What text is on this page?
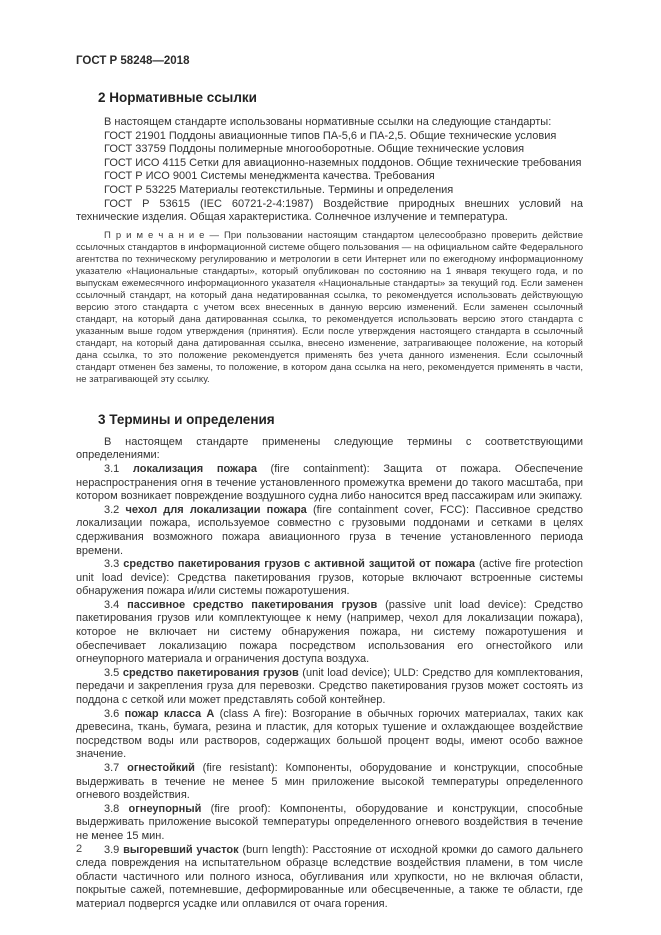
ГОСТ Р 58248—2018

2 Нормативные ссылки

В настоящем стандарте использованы нормативные ссылки на следующие стандарты:

ГОСТ 21901 Поддоны авиационные типов ПА-5,6 и ПА-2,5. Общие технические условия

ГОСТ 33759 Поддоны полимерные многооборотные. Общие технические условия

ГОСТ ИСО 4115 Сетки для авиационно-наземных поддонов. Общие технические требования

ГОСТ Р ИСО 9001 Системы менеджмента качества. Требования

ГОСТ Р 53225 Материалы геотекстильные. Термины и определения

ГОСТ Р 53615 (IEC 60721-2-4:1987) Воздействие природных внешних условий на технические изделия. Общая характеристика. Солнечное излучение и температура.

П р и м е ч а н и е — При пользовании настоящим стандартом целесообразно проверить действие ссылочных стандартов в информационной системе общего пользования — на официальном сайте Федерального агентства по техническому регулированию и метрологии в сети Интернет или по ежегодному информационному указателю «Национальные стандарты», который опубликован по состоянию на 1 января текущего года, и по выпускам ежемесячного информационного указателя «Национальные стандарты» за текущий год. Если заменен ссылочный стандарт, на который дана недатированная ссылка, то рекомендуется использовать действующую версию этого стандарта с учетом всех внесенных в данную версию изменений. Если заменен ссылочный стандарт, на который дана датированная ссылка, то рекомендуется использовать версию этого стандарта с указанным выше годом утверждения (принятия). Если после утверждения настоящего стандарта в ссылочный стандарт, на который дана датированная ссылка, внесено изменение, затрагивающее положение, на который дана ссылка, то это положение рекомендуется применять без учета данного изменения. Если ссылочный стандарт отменен без замены, то положение, в котором дана ссылка на него, рекомендуется применять в части, не затрагивающей эту ссылку.

3 Термины и определения

В настоящем стандарте применены следующие термины с соответствующими определениями:

3.1 локализация пожара (fire containment): Защита от пожара. Обеспечение нераспространения огня в течение установленного промежутка времени до такого масштаба, при котором возникает повреждение воздушного судна либо наносится вред пассажирам или экипажу.

3.2 чехол для локализации пожара (fire containment cover, FCC): Пассивное средство локализации пожара, используемое совместно с грузовыми поддонами и сетками в целях сдерживания возможного пожара авиационного груза в течение установленного периода времени.

3.3 средство пакетирования грузов с активной защитой от пожара (active fire protection unit load device): Средства пакетирования грузов, которые включают встроенные системы обнаружения пожара и/или системы пожаротушения.

3.4 пассивное средство пакетирования грузов (passive unit load device): Средство пакетирования грузов или комплектующее к нему (например, чехол для локализации пожара), которое не включает ни систему обнаружения пожара, ни систему пожаротушения и обеспечивает локализацию пожара посредством использования его огнестойкого или огнеупорного материала и ограничения доступа воздуха.

3.5 средство пакетирования грузов (unit load device); ULD: Средство для комплектования, передачи и закрепления груза для перевозки. Средство пакетирования грузов может состоять из поддона с сеткой или может представлять собой контейнер.

3.6 пожар класса А (class A fire): Возгорание в обычных горючих материалах, таких как древесина, ткань, бумага, резина и пластик, для которых тушение и охлаждающее воздействие посредством воды или растворов, содержащих большой процент воды, имеют особо важное значение.

3.7 огнестойкий (fire resistant): Компоненты, оборудование и конструкции, способные выдерживать в течение не менее 5 мин приложение высокой температуры определенного огневого воздействия.

3.8 огнеупорный (fire proof): Компоненты, оборудование и конструкции, способные выдерживать приложение высокой температуры определенного огневого воздействия в течение не менее 15 мин.

3.9 выгоревший участок (burn length): Расстояние от исходной кромки до самого дальнего следа повреждения на испытательном образце вследствие воздействия пламени, в том числе области частичного или полного износа, обугливания или хрупкости, но не включая области, покрытые сажей, потемневшие, деформированные или обесцвеченные, а также те области, где материал подвергся усадке или оплавился от очага горения.

2
